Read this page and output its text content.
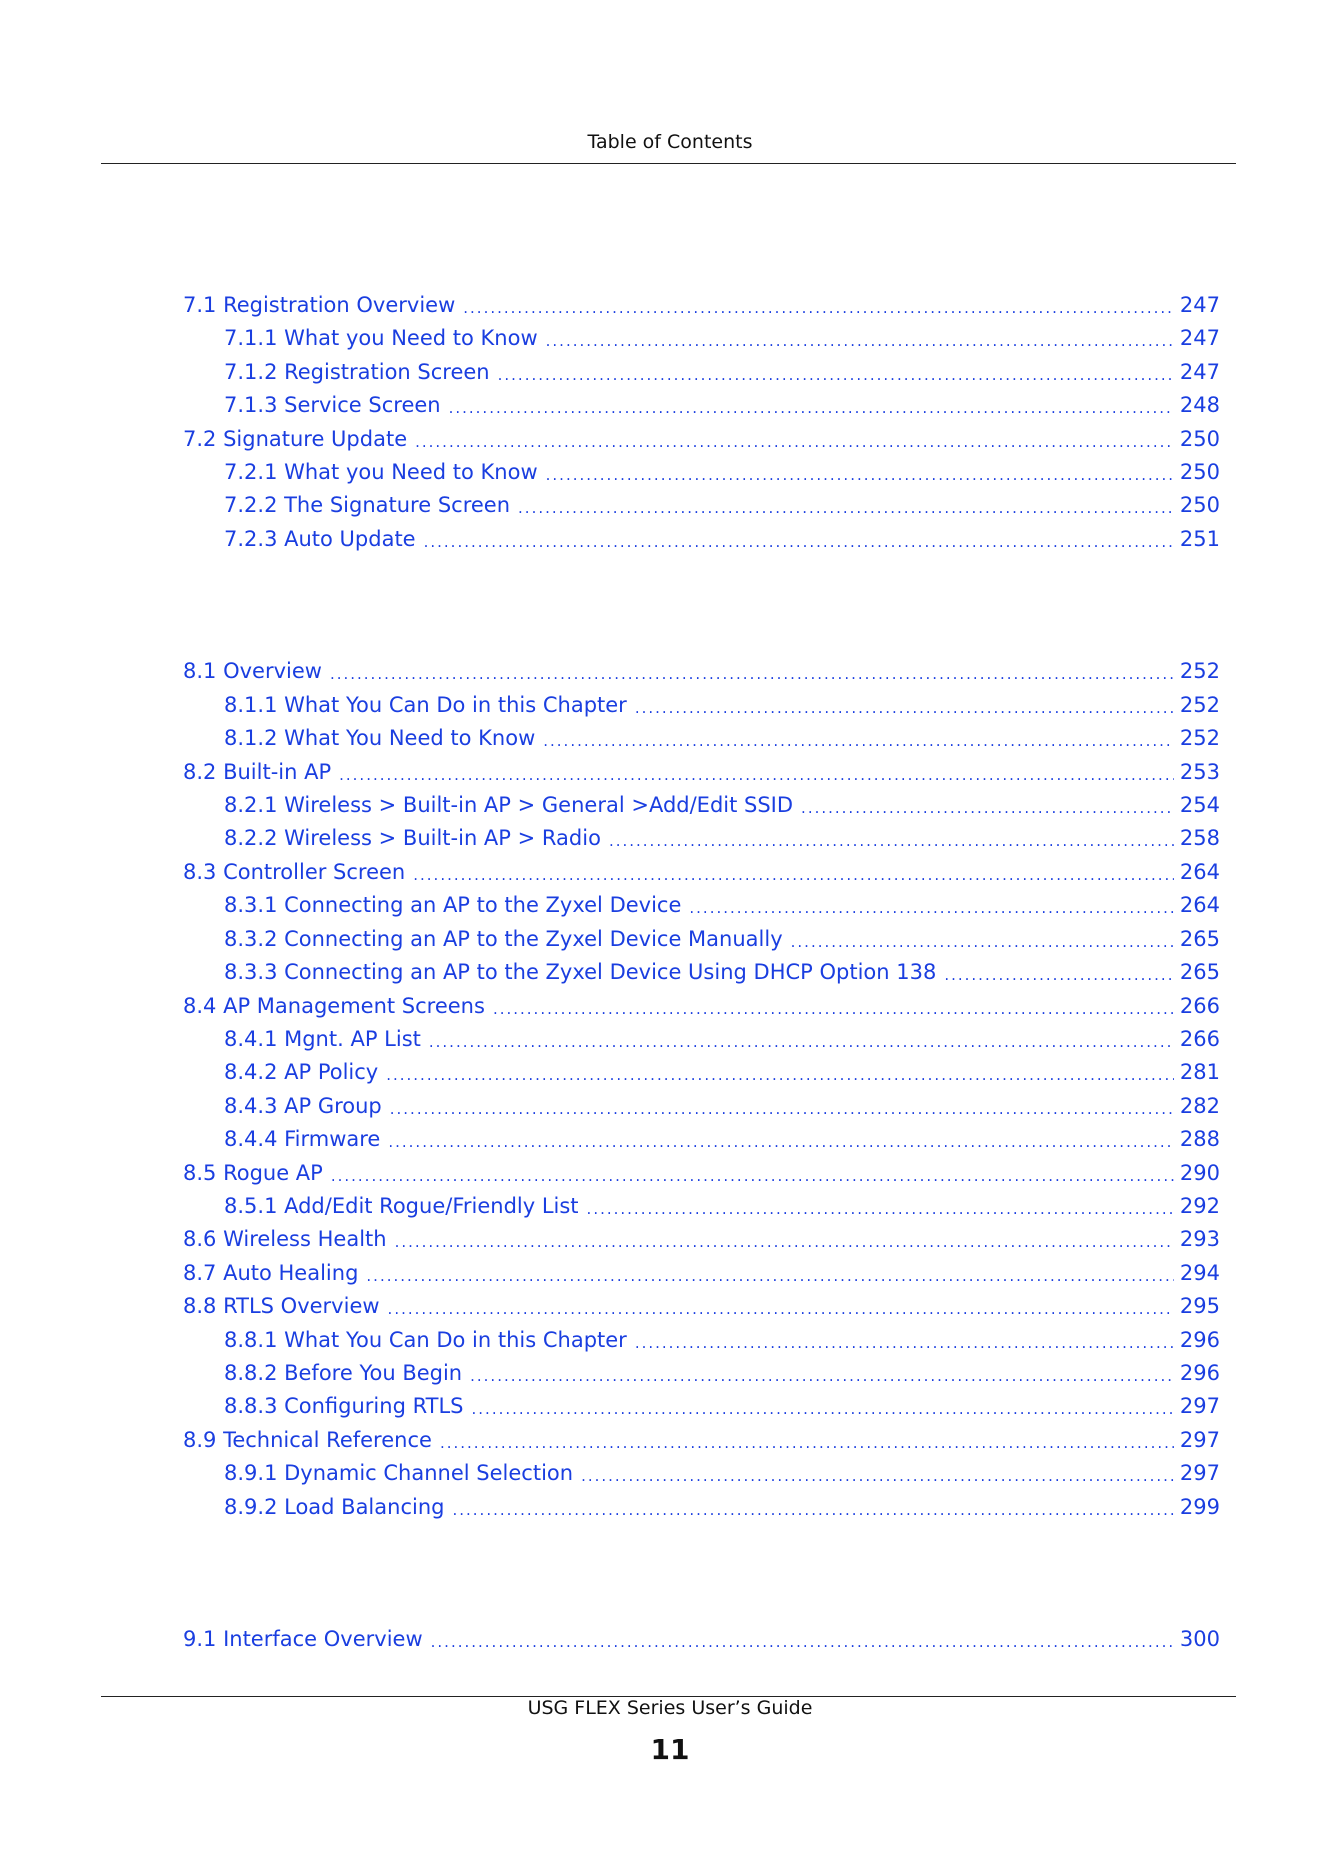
Table of Contents
7.1 Registration Overview .....	247
7.1.1 What you Need to Know .....	247
7.1.2 Registration Screen .....	247
7.1.3 Service Screen .....	248
7.2 Signature Update .....	250
7.2.1 What you Need to Know .....	250
7.2.2 The Signature Screen .....	250
7.2.3 Auto Update .....	251
8.1 Overview .....	252
8.1.1 What You Can Do in this Chapter .....	252
8.1.2 What You Need to Know .....	252
8.2 Built-in AP .....	253
8.2.1 Wireless > Built-in AP > General >Add/Edit SSID .....	254
8.2.2 Wireless > Built-in AP > Radio .....	258
8.3 Controller Screen .....	264
8.3.1 Connecting an AP to the Zyxel Device .....	264
8.3.2 Connecting an AP to the Zyxel Device Manually .....	265
8.3.3 Connecting an AP to the Zyxel Device Using DHCP Option 138 .....	265
8.4 AP Management Screens .....	266
8.4.1 Mgnt. AP List .....	266
8.4.2 AP Policy .....	281
8.4.3 AP Group .....	282
8.4.4 Firmware .....	288
8.5 Rogue AP .....	290
8.5.1 Add/Edit Rogue/Friendly List .....	292
8.6 Wireless Health .....	293
8.7 Auto Healing .....	294
8.8 RTLS Overview .....	295
8.8.1 What You Can Do in this Chapter .....	296
8.8.2 Before You Begin .....	296
8.8.3 Configuring RTLS .....	297
8.9 Technical Reference .....	297
8.9.1 Dynamic Channel Selection .....	297
8.9.2 Load Balancing .....	299
9.1 Interface Overview .....	300
USG FLEX Series User’s Guide
11
